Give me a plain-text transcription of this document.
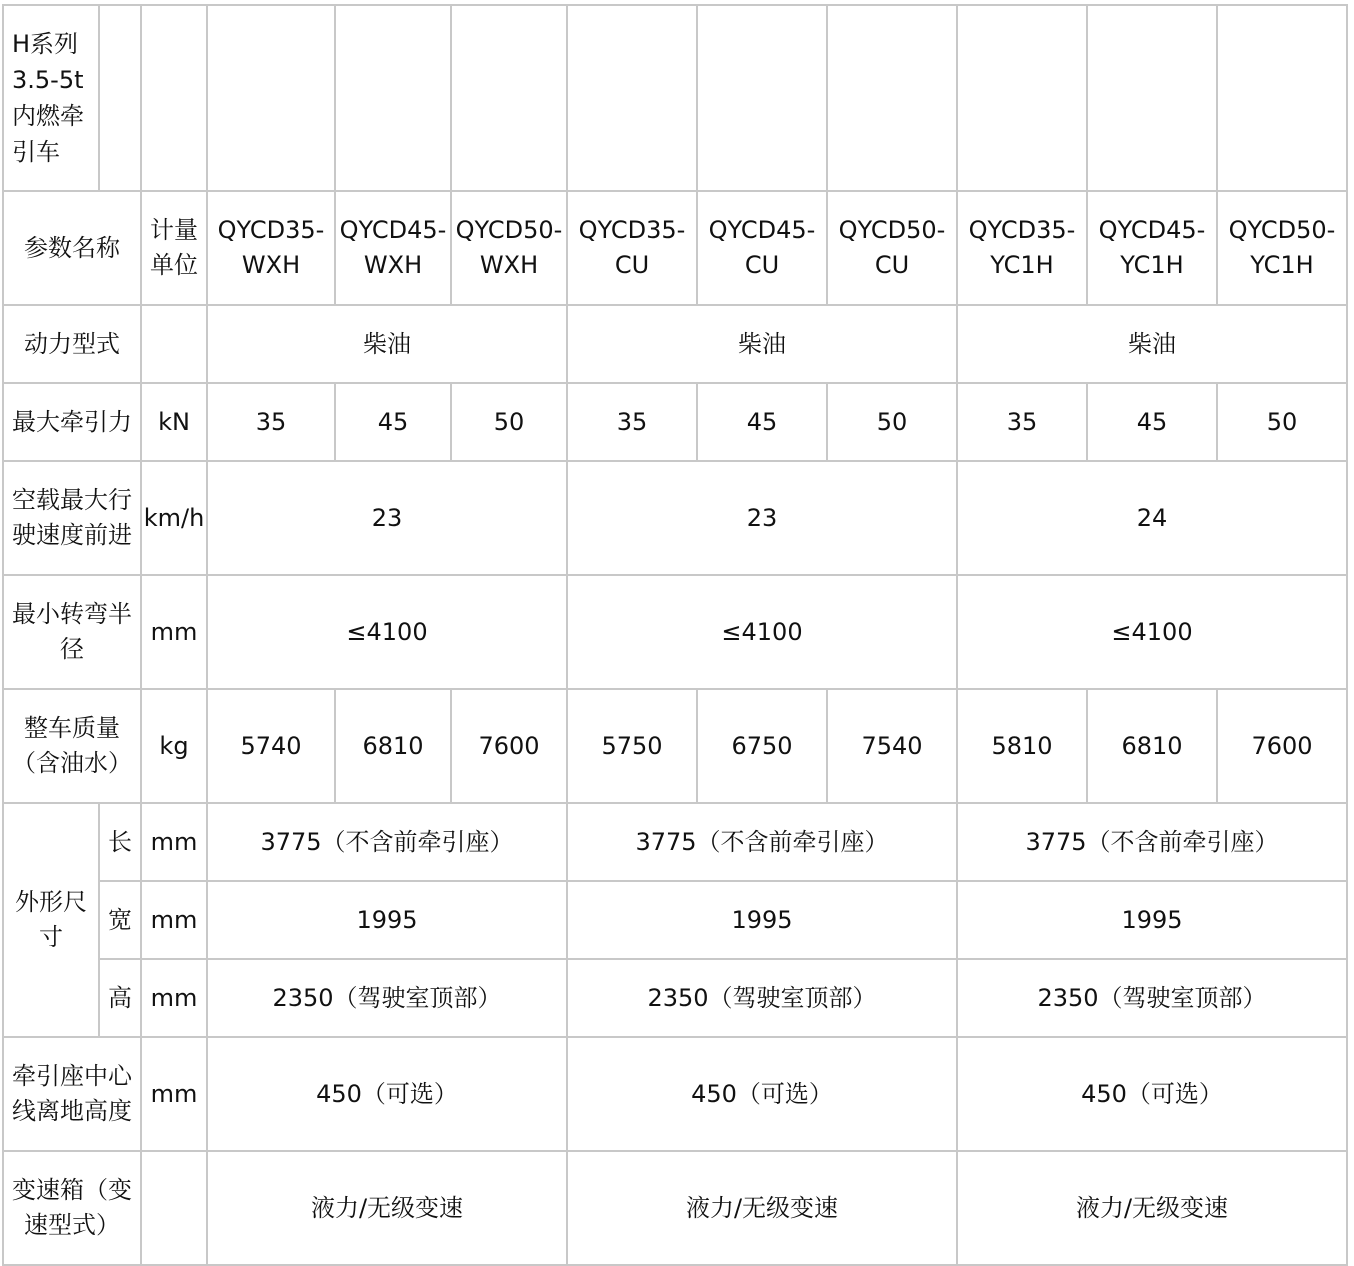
H系列3.5-5t内燃牵引车											
参数名称		计量单位	QYCD35-WXH	QYCD45-WXH	QYCD50-WXH	QYCD35-CU	QYCD45-CU	QYCD50-CU	QYCD35-YC1H	QYCD45-YC1H	QYCD50-YC1H
动力型式			柴油			柴油			柴油		
最大牵引力		kN	35	45	50	35	45	50	35	45	50
空载最大行驶速度前进		km/h	23			23			24		
最小转弯半径		mm	≤4100			≤4100			≤4100		
整车质量（含油水）		kg	5740	6810	7600	5750	6750	7540	5810	6810	7600
外形尺寸	长	mm	3775（不含前牵引座）			3775（不含前牵引座）			3775（不含前牵引座）		
	宽	mm	1995			1995			1995		
	高	mm	2350（驾驶室顶部）			2350（驾驶室顶部）			2350（驾驶室顶部）		
牵引座中心线离地高度		mm	450（可选）			450（可选）			450（可选）		
变速箱（变速型式）			液力/无级变速			液力/无级变速			液力/无级变速		
